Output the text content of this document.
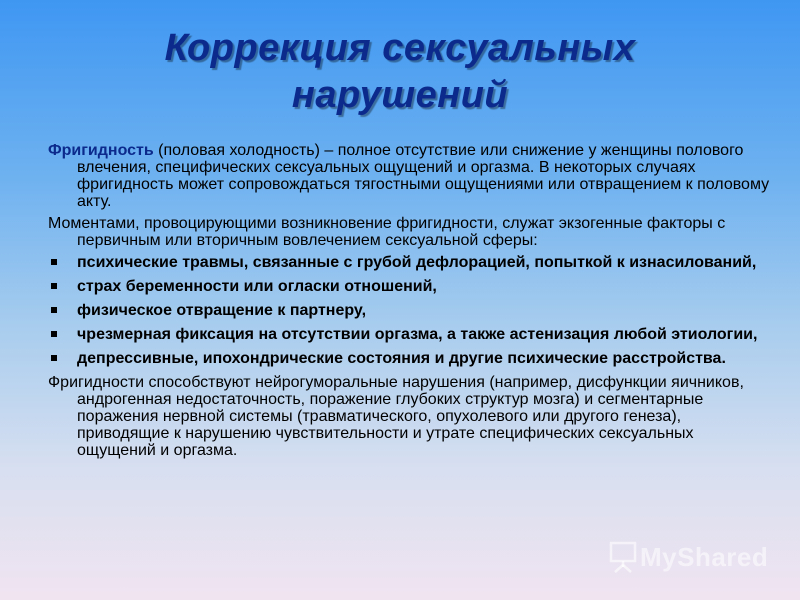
Коррекция сексуальных
нарушений

Фригидность (половая холодность) – полное отсутствие или снижение у женщины полового влечения, специфических сексуальных ощущений и оргазма. В некоторых случаях фригидность может сопровождаться тягостными ощущениями или отвращением к половому акту.

Моментами, провоцирующими возникновение фригидности, служат экзогенные факторы с первичным или вторичным вовлечением сексуальной сферы:

психические травмы, связанные с грубой дефлорацией, попыткой к изнасилований,
страх беременности или огласки отношений,
физическое отвращение к партнеру,
чрезмерная фиксация на отсутствии оргазма, а также астенизация любой этиологии,
депрессивные, ипохондрические состояния и другие психические расстройства.

Фригидности способствуют нейрогуморальные нарушения (например, дисфункции яичников, андрогенная недостаточность, поражение глубоких структур мозга) и сегментарные поражения нервной системы (травматического, опухолевого или другого генеза), приводящие к нарушению чувствительности и утрате специфических сексуальных ощущений и оргазма.

MyShared
